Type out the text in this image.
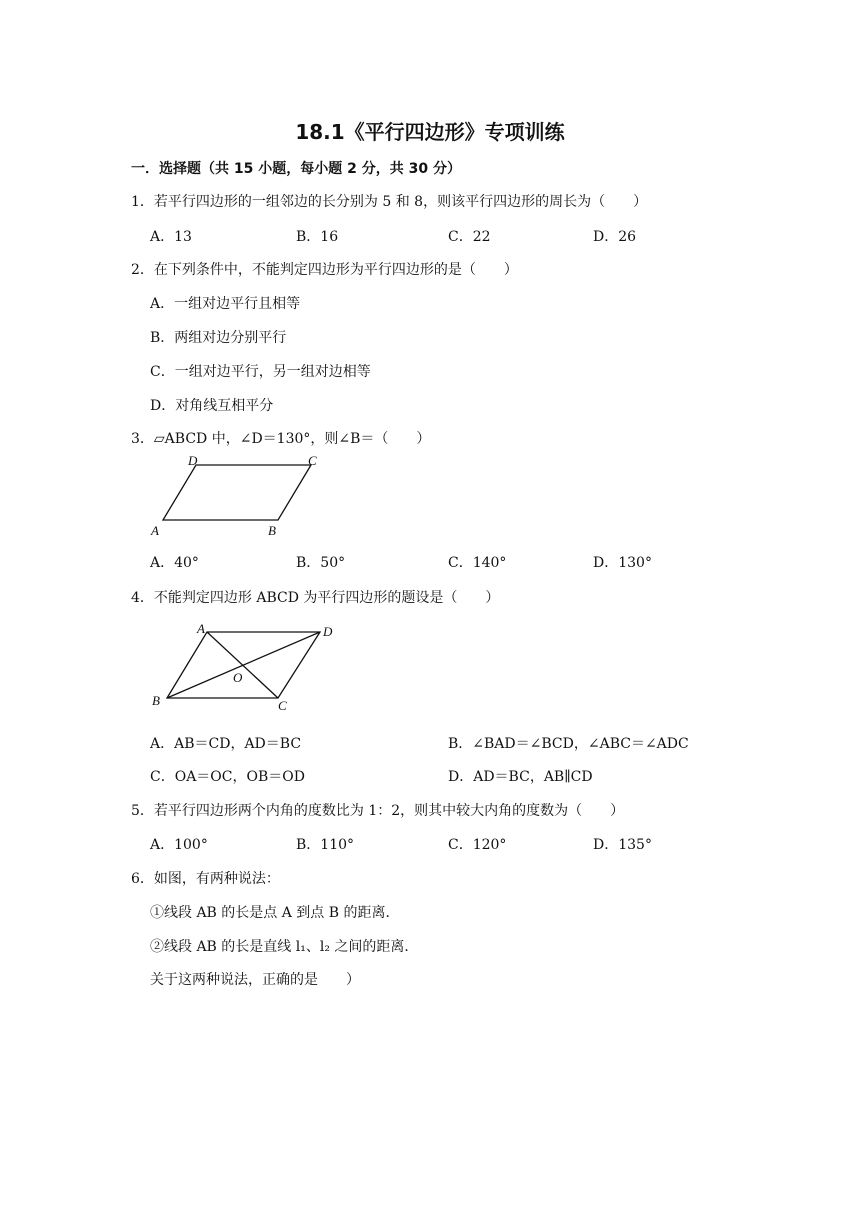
18.1《平行四边形》专项训练
一．选择题（共 15 小题，每小题 2 分，共 30 分）
1．若平行四边形的一组邻边的长分别为 5 和 8，则该平行四边形的周长为（　　）
A．13	B．16	C．22	D．26
2．在下列条件中，不能判定四边形为平行四边形的是（　　）
A．一组对边平行且相等
B．两组对边分别平行
C．一组对边平行，另一组对边相等
D．对角线互相平分
3．▱ABCD 中，∠D＝130°，则∠B＝（　　）
D	C
A	B
A．40°	B．50°	C．140°	D．130°
4．不能判定四边形 ABCD 为平行四边形的题设是（　　）
A	D
O
B	C
A．AB＝CD，AD＝BC	B．∠BAD＝∠BCD，∠ABC＝∠ADC
C．OA＝OC，OB＝OD	D．AD＝BC，AB∥CD
5．若平行四边形两个内角的度数比为 1：2，则其中较大内角的度数为（　　）
A．100°	B．110°	C．120°	D．135°
6．如图，有两种说法：
①线段 AB 的长是点 A 到点 B 的距离．
②线段 AB 的长是直线 l₁、l₂ 之间的距离．
关于这两种说法，正确的是　　）
